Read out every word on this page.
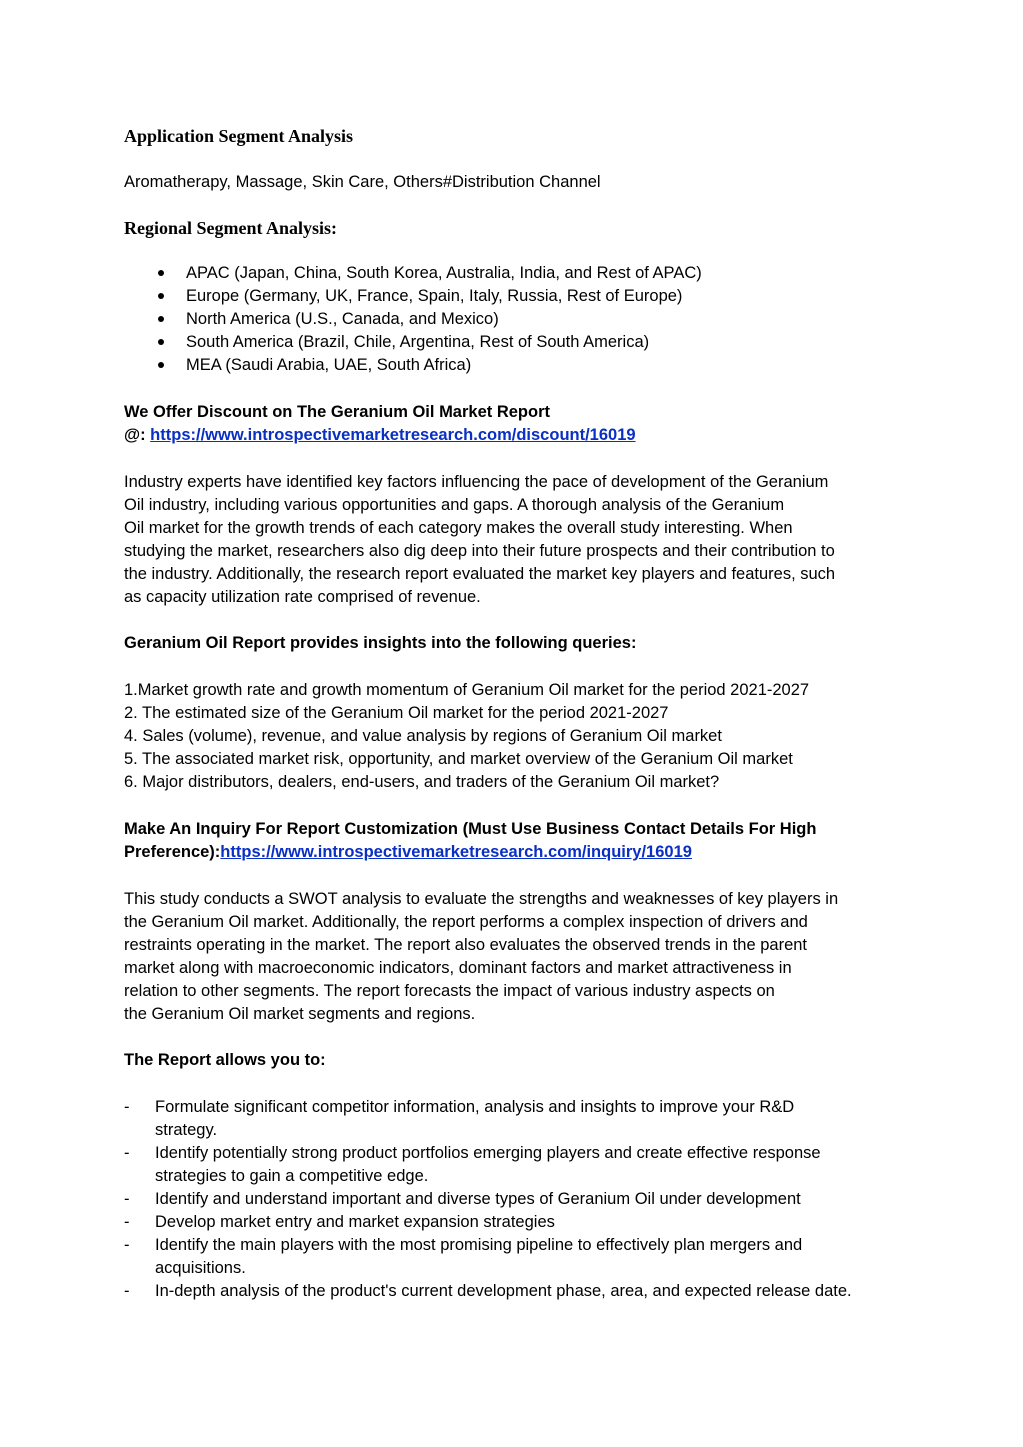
Application Segment Analysis

Aromatherapy, Massage, Skin Care, Others#Distribution Channel

Regional Segment Analysis:
APAC (Japan, China, South Korea, Australia, India, and Rest of APAC)
Europe (Germany, UK, France, Spain, Italy, Russia, Rest of Europe)
North America (U.S., Canada, and Mexico)
South America (Brazil, Chile, Argentina, Rest of South America)
MEA (Saudi Arabia, UAE, South Africa)
We Offer Discount on The Geranium Oil Market Report
@: https://www.introspectivemarketresearch.com/discount/16019
Industry experts have identified key factors influencing the pace of development of the Geranium
Oil industry, including various opportunities and gaps. A thorough analysis of the Geranium
Oil market for the growth trends of each category makes the overall study interesting. When
studying the market, researchers also dig deep into their future prospects and their contribution to
the industry. Additionally, the research report evaluated the market key players and features, such
as capacity utilization rate comprised of revenue.

Geranium Oil Report provides insights into the following queries:

1.Market growth rate and growth momentum of Geranium Oil market for the period 2021-2027
2. The estimated size of the Geranium Oil market for the period 2021-2027
4. Sales (volume), revenue, and value analysis by regions of Geranium Oil market
5. The associated market risk, opportunity, and market overview of the Geranium Oil market
6. Major distributors, dealers, end-users, and traders of the Geranium Oil market?
Make An Inquiry For Report Customization (Must Use Business Contact Details For High
Preference):https://www.introspectivemarketresearch.com/inquiry/16019
This study conducts a SWOT analysis to evaluate the strengths and weaknesses of key players in
the Geranium Oil market. Additionally, the report performs a complex inspection of drivers and
restraints operating in the market. The report also evaluates the observed trends in the parent
market along with macroeconomic indicators, dominant factors and market attractiveness in
relation to other segments. The report forecasts the impact of various industry aspects on
the Geranium Oil market segments and regions.

The Report allows you to:

- Formulate significant competitor information, analysis and insights to improve your R&D
strategy.
- Identify potentially strong product portfolios emerging players and create effective response
strategies to gain a competitive edge.
- Identify and understand important and diverse types of Geranium Oil under development
- Develop market entry and market expansion strategies
- Identify the main players with the most promising pipeline to effectively plan mergers and
acquisitions.
- In-depth analysis of the product's current development phase, area, and expected release date.
